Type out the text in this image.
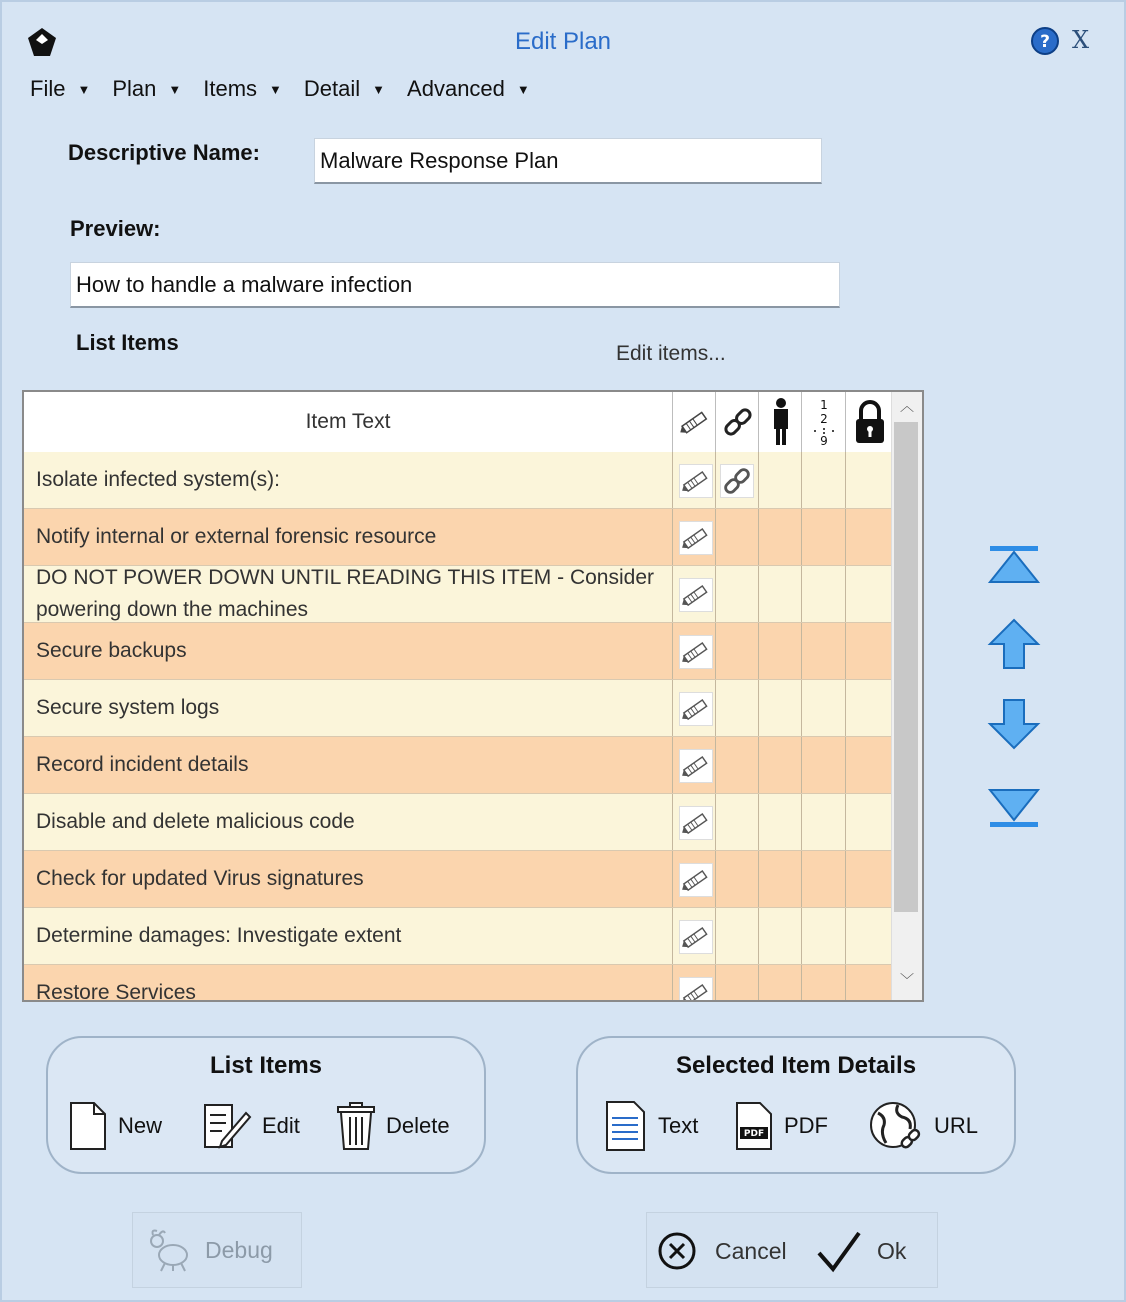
Edit Plan	? X
File ▼ Plan ▼ Items ▼ Detail ▼ Advanced ▼
Descriptive Name:	Malware Response Plan
Preview:
How to handle a malware infection
List Items	Edit items...
Item Text
1
2
9
Isolate infected system(s):
Notify internal or external forensic resource
DO NOT POWER DOWN UNTIL READING THIS ITEM - Consider powering down the machines
Secure backups
Secure system logs
Record incident details
Disable and delete malicious code
Check for updated Virus signatures
Determine damages: Investigate extent
Restore Services
︿
﹀
List Items
New	Edit	Delete
Selected Item Details
Text	PDF PDF	URL
Debug	Cancel	Ok
